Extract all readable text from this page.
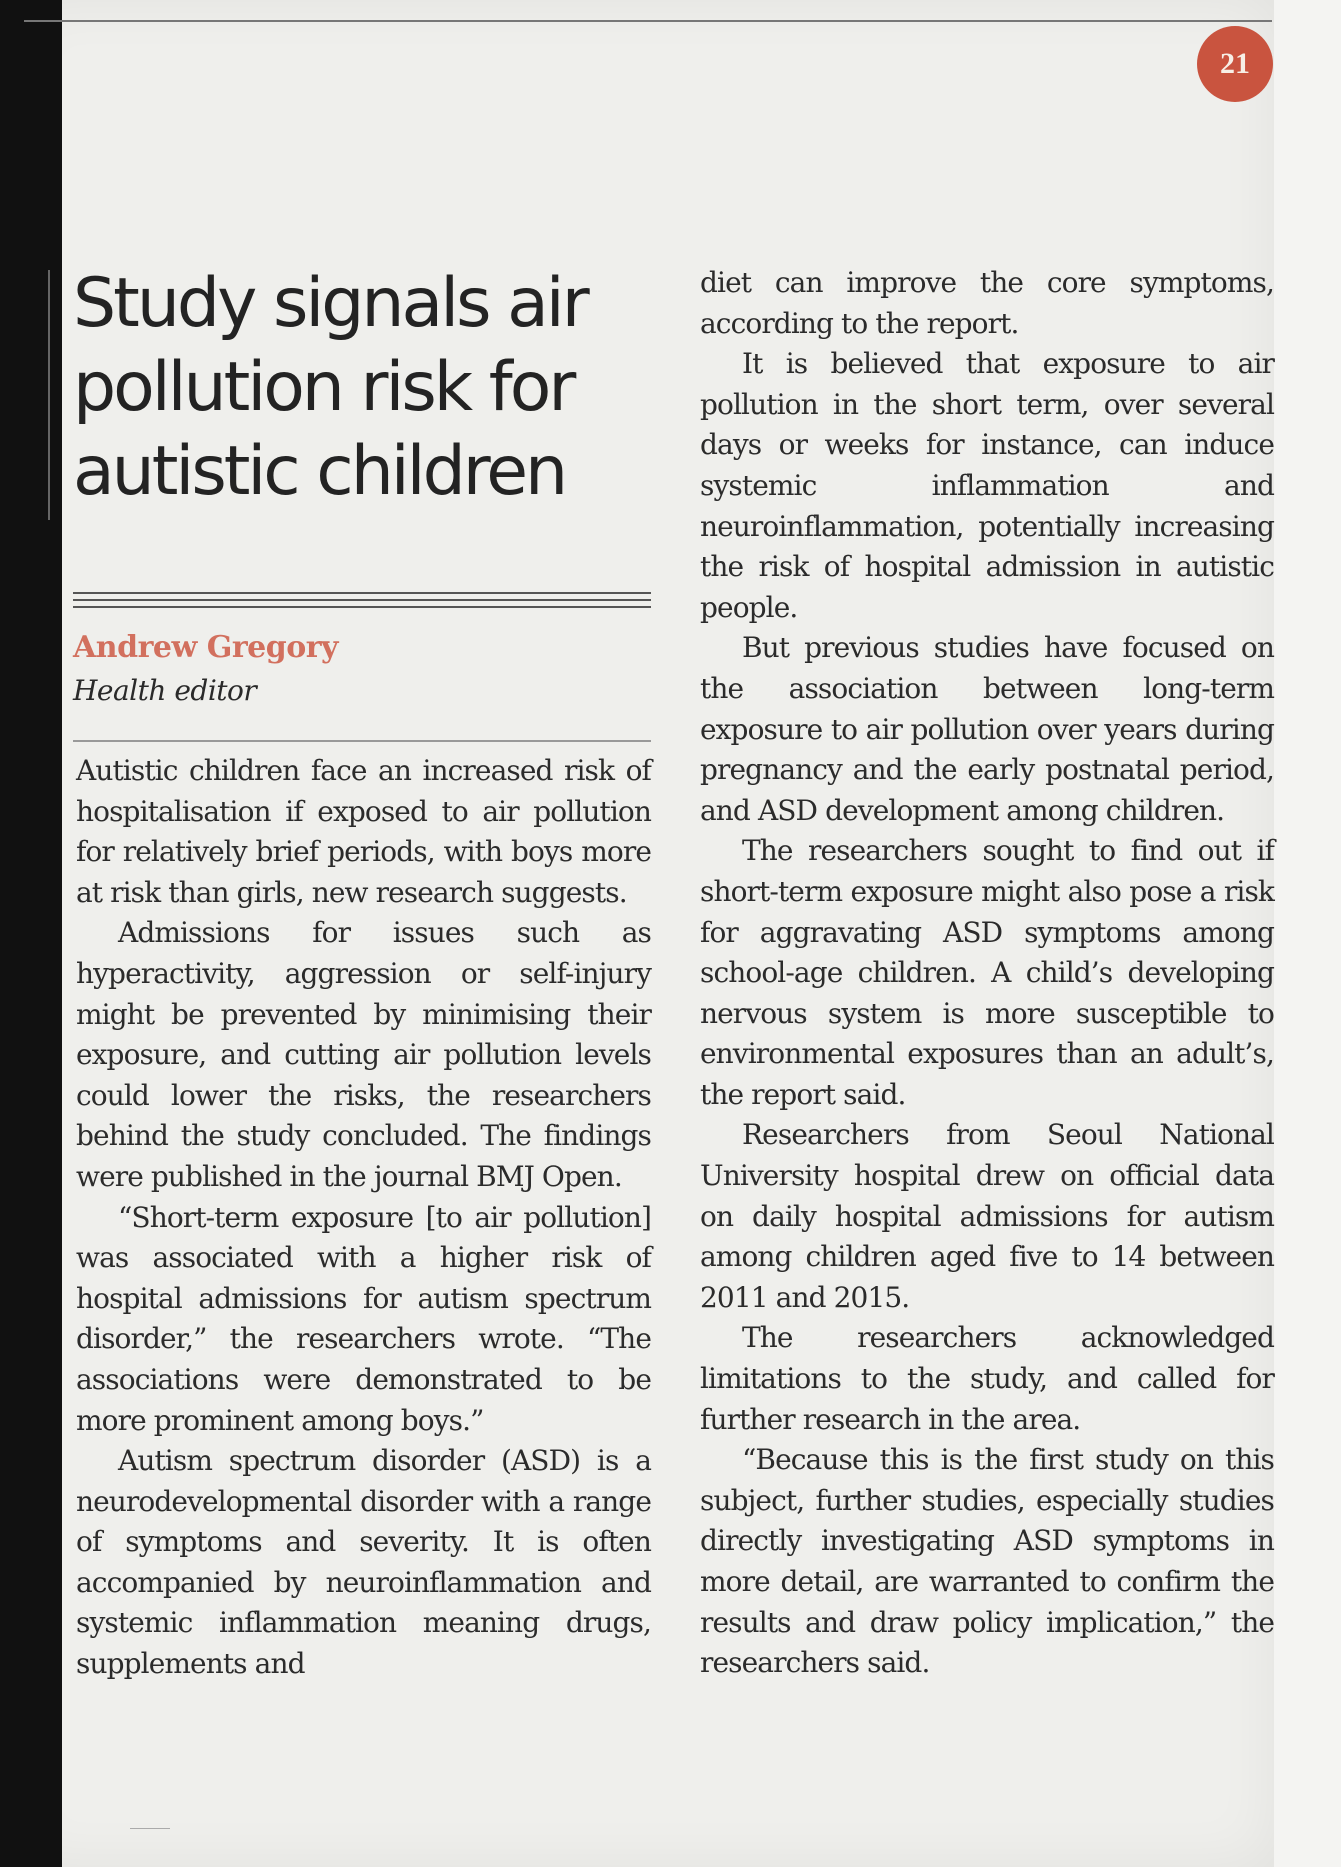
21
Study signals air pollution risk for autistic children

Andrew Gregory

Health editor

Autistic children face an increased risk of hospitalisation if exposed to air pollution for relatively brief periods, with boys more at risk than girls, new research suggests.

Admissions for issues such as hyperactivity, aggression or self-injury might be prevented by minimising their exposure, and cutting air pollution levels could lower the risks, the researchers behind the study concluded. The findings were published in the journal BMJ Open.

“Short-term exposure [to air pollution] was associated with a higher risk of hospital admissions for autism spectrum disorder,” the researchers wrote. “The associations were demonstrated to be more prominent among boys.”

Autism spectrum disorder (ASD) is a neurodevelopmental disorder with a range of symptoms and severity. It is often accompanied by neuroinflammation and systemic inflammation meaning drugs, supplements and

diet can improve the core symptoms, according to the report.

It is believed that exposure to air pollution in the short term, over several days or weeks for instance, can induce systemic inflammation and neuroinflammation, potentially increasing the risk of hospital admission in autistic people.

But previous studies have focused on the association between long-term exposure to air pollution over years during pregnancy and the early postnatal period, and ASD development among children.

The researchers sought to find out if short-term exposure might also pose a risk for aggravating ASD symptoms among school-age children. A child’s developing nervous system is more susceptible to environmental exposures than an adult’s, the report said.

Researchers from Seoul National University hospital drew on official data on daily hospital admissions for autism among children aged five to 14 between 2011 and 2015.

The researchers acknowledged limitations to the study, and called for further research in the area.

“Because this is the first study on this subject, further studies, especially studies directly investigating ASD symptoms in more detail, are warranted to confirm the results and draw policy implication,” the researchers said.
